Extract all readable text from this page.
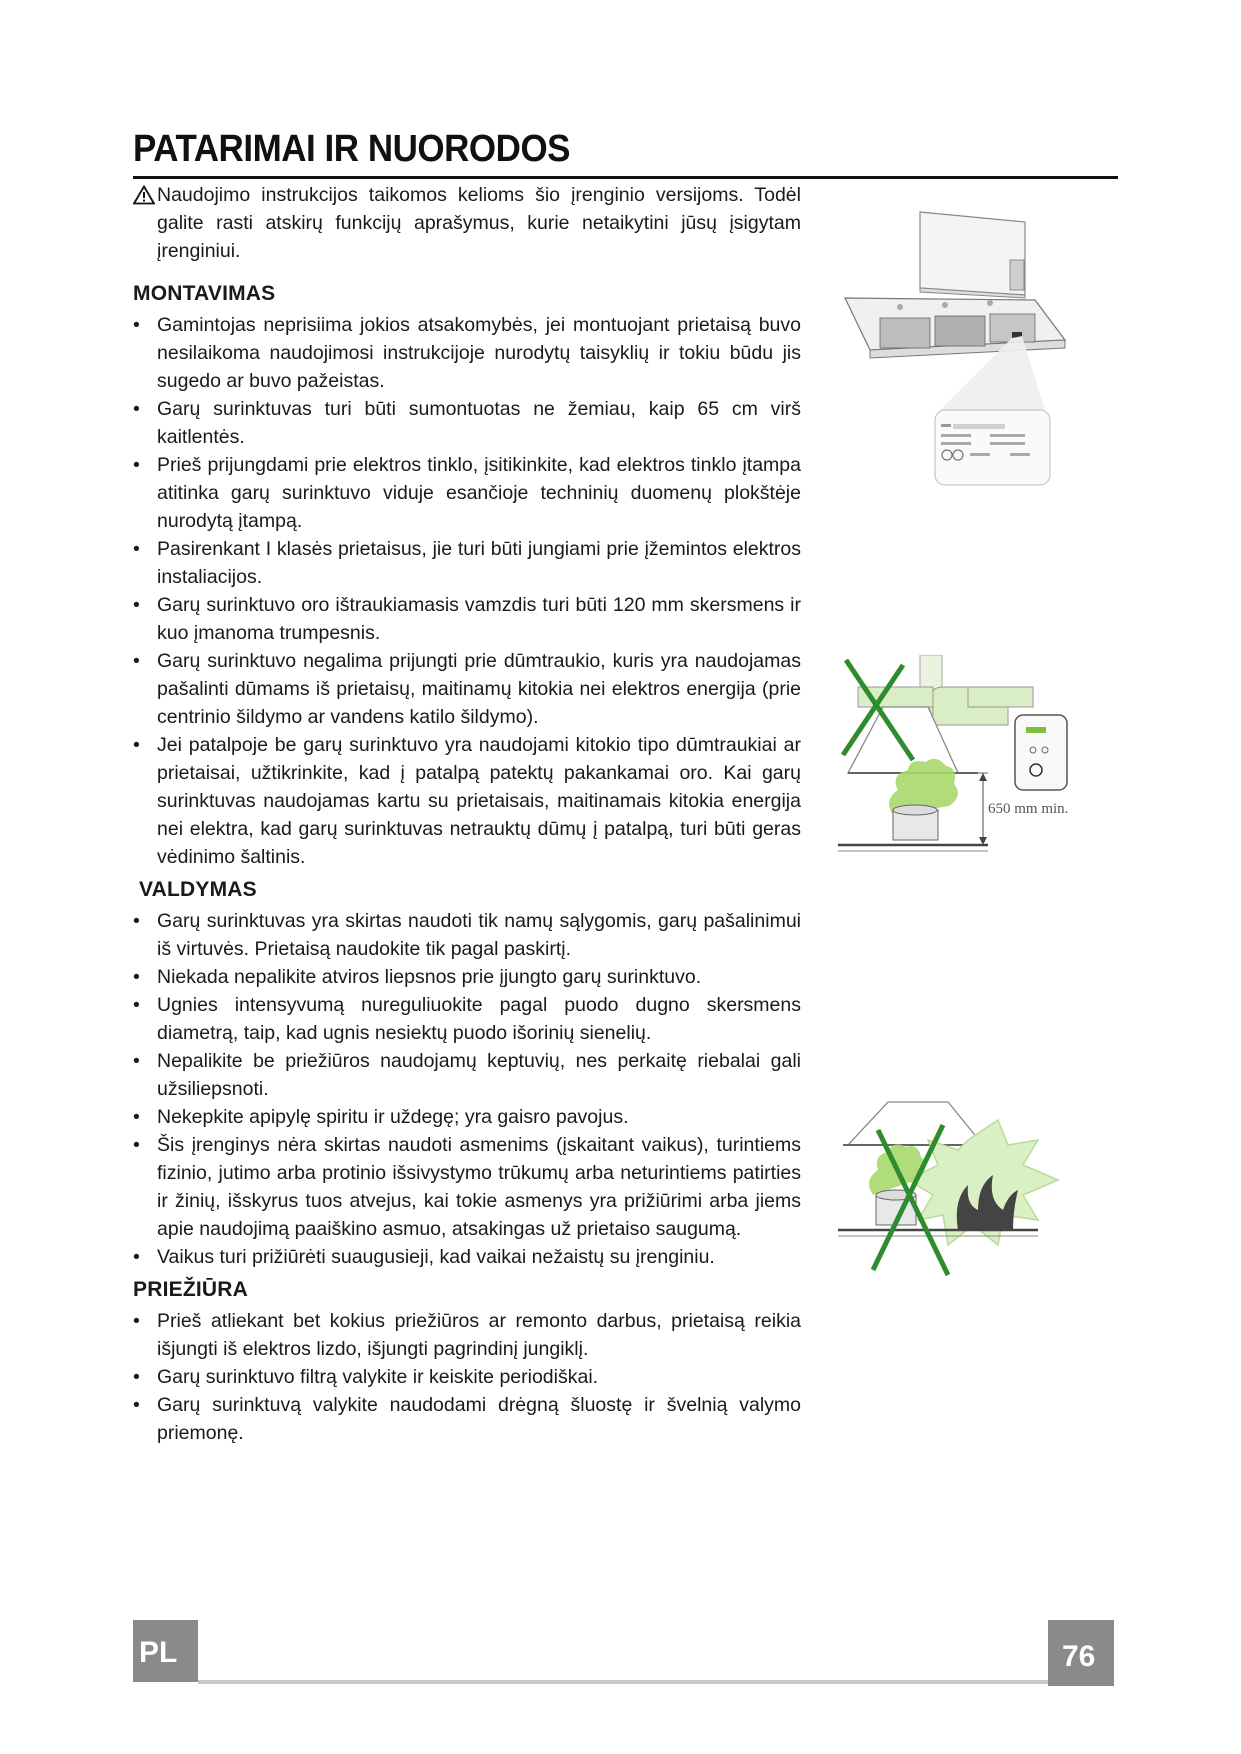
PATARIMAI IR NUORODOS
Naudojimo instrukcijos taikomos kelioms šio įrenginio versijoms. Todėl galite rasti atskirų funkcijų aprašymus, kurie netaikytini jūsų įsigytam įrenginiui.
MONTAVIMAS
• Gamintojas neprisiima jokios atsakomybės, jei montuojant prietaisą buvo nesilaikoma naudojimosi instrukcijoje nurodytų taisyklių ir tokiu būdu jis sugedo ar buvo pažeistas.
• Garų surinktuvas turi būti sumontuotas ne žemiau, kaip 65 cm virš kaitlentės.
• Prieš prijungdami prie elektros tinklo, įsitikinkite, kad elektros tinklo įtampa atitinka garų surinktuvo viduje esančioje techninių duomenų plokštėje nurodytą įtampą.
• Pasirenkant I klasės prietaisus, jie turi būti jungiami prie įžemintos elektros instaliacijos.
• Garų surinktuvo oro ištraukiamasis vamzdis turi būti 120 mm skersmens ir kuo įmanoma trumpesnis.
• Garų surinktuvo negalima prijungti prie dūmtraukio, kuris yra naudojamas pašalinti dūmams iš prietaisų, maitinamų kitokia nei elektros energija (prie centrinio šildymo ar vandens katilo šildymo).
• Jei patalpoje be garų surinktuvo yra naudojami kitokio tipo dūmtraukiai ar prietaisai, užtikrinkite, kad į patalpą patektų pakankamai oro. Kai garų surinktuvas naudojamas kartu su prietaisais, maitinamais kitokia energija nei elektra, kad garų surinktuvas netrauktų dūmų į patalpą, turi būti geras vėdinimo šaltinis.
VALDYMAS
• Garų surinktuvas yra skirtas naudoti tik namų sąlygomis, garų pašalinimui iš virtuvės. Prietaisą naudokite tik pagal paskirtį.
• Niekada nepalikite atviros liepsnos prie įjungto garų surinktuvo.
• Ugnies intensyvumą nureguliuokite pagal puodo dugno skersmens diametrą, taip, kad ugnis nesiektų puodo išorinių sienelių.
• Nepalikite be priežiūros naudojamų keptuvių, nes perkaitę riebalai gali užsiliepsnoti.
• Nekepkite apipylę spiritu ir uždegę; yra gaisro pavojus.
• Šis įrenginys nėra skirtas naudoti asmenims (įskaitant vaikus), turintiems fizinio, jutimo arba protinio išsivystymo trūkumų arba neturintiems patirties ir žinių, išskyrus tuos atvejus, kai tokie asmenys yra prižiūrimi arba jiems apie naudojimą paaiškino asmuo, atsakingas už prietaiso saugumą.
• Vaikus turi prižiūrėti suaugusieji, kad vaikai nežaistų su įrenginiu.
PRIEŽIŪRA
• Prieš atliekant bet kokius priežiūros ar remonto darbus, prietaisą reikia išjungti iš elektros lizdo, išjungti pagrindinį jungiklį.
• Garų surinktuvo filtrą valykite ir keiskite periodiškai.
• Garų surinktuvą valykite naudodami drėgną šluostę ir švelnią valymo priemonę.
650 mm min.
PL	76
